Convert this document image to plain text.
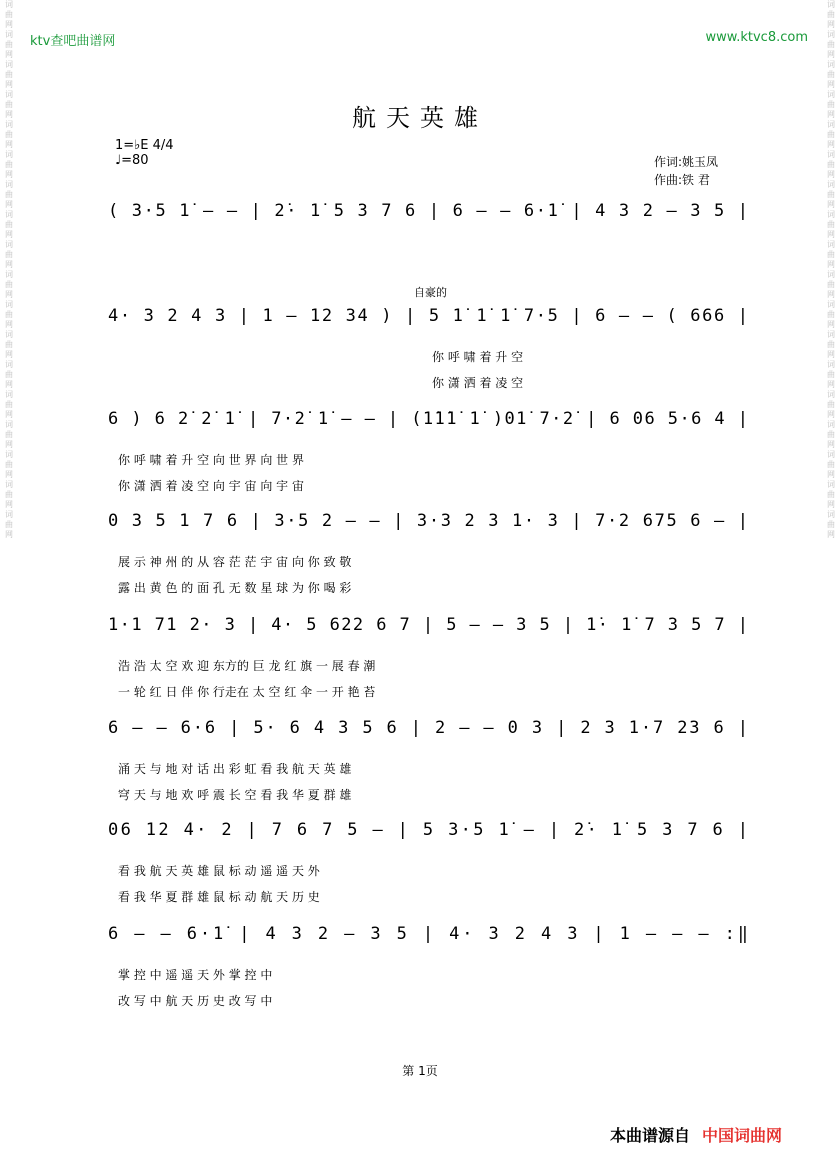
ktv查吧曲谱网	www.ktvc8.com
词曲网词曲网词曲网词曲网词曲网词曲网词曲网词曲网词曲网词曲网词曲网词曲网词曲网词曲网词曲网词曲网词曲网词曲网
词曲网词曲网词曲网词曲网词曲网词曲网词曲网词曲网词曲网词曲网词曲网词曲网词曲网词曲网词曲网词曲网词曲网词曲网
航天英雄
1=♭E 4/4
♩=80	作词:姚玉凤
作曲:铁 君
自豪的
( 3·5 1̇ – – | 2̇· 1̇ 5 3 7 6 | 6 – – 6·1̇ | 4 3 2 – 3 5 |
4· 3 2 4 3 | 1 – 12 34 ) | 5 1̇ 1̇ 1̇ 7·5 | 6 – – ( 666 |
你 呼 啸 着 升 空
你 潇 洒 着 凌 空
6 ) 6 2̇ 2̇ 1̇ | 7·2̇ 1̇ – – | (1̇1̇1̇ 1̇ )01̇ 7·2̇ | 6 06 5·6 4 |
你 呼 啸 着 升 空 向 世 界 向 世 界
你 潇 洒 着 凌 空 向 宇 宙 向 宇 宙
0 3 5 1 7 6 | 3·5 2 – – | 3·3 2 3 1· 3 | 7·2 675 6 – |
展 示 神 州 的 从 容 茫 茫 宇 宙 向 你 致 敬
露 出 黄 色 的 面 孔 无 数 星 球 为 你 喝 彩
1·1 71 2· 3 | 4· 5 622 6 7 | 5 – – 3 5 | 1̇· 1̇ 7 3 5 7 |
浩 浩 太 空 欢 迎 东方的 巨 龙 红 旗 一 展 春 潮
一 轮 红 日 伴 你 行走在 太 空 红 伞 一 开 艳 苔
6 – – 6·6 | 5· 6 4 3 5 6 | 2 – – 0 3 | 2 3 1·7 23 6 |
涌 天 与 地 对 话 出 彩 虹 看 我 航 天 英 雄
穹 天 与 地 欢 呼 震 长 空 看 我 华 夏 群 雄
06 12 4· 2 | 7 6 7 5 – | 5 3·5 1̇ – | 2̇· 1̇ 5 3 7 6 |
看 我 航 天 英 雄 鼠 标 动 遥 遥 天 外
看 我 华 夏 群 雄 鼠 标 动 航 天 历 史
6 – – 6·1̇ | 4 3 2 – 3 5 | 4· 3 2 4 3 | 1 – – – :‖
掌 控 中 遥 遥 天 外 掌 控 中
改 写 中 航 天 历 史 改 写 中
第 1页
本曲谱源自 中国词曲网
